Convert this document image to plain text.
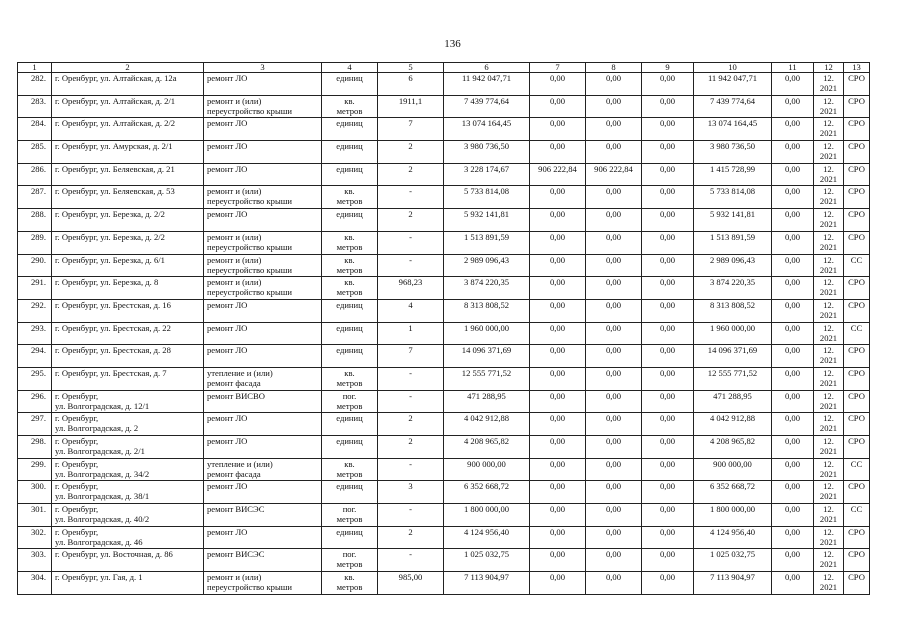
136
1	2	3	4	5	6	7	8	9	10	11	12	13
282.	г. Оренбург, ул. Алтайская, д. 12а	ремонт ЛО	единиц	6	11 942 047,71	0,00	0,00	0,00	11 942 047,71	0,00	12.
2021	СРО
283.	г. Оренбург, ул. Алтайская, д. 2/1	ремонт и (или)
переустройство крыши	кв.
метров	1911,1	7 439 774,64	0,00	0,00	0,00	7 439 774,64	0,00	12.
2021	СРО
284.	г. Оренбург, ул. Алтайская, д. 2/2	ремонт ЛО	единиц	7	13 074 164,45	0,00	0,00	0,00	13 074 164,45	0,00	12.
2021	СРО
285.	г. Оренбург, ул. Амурская, д. 2/1	ремонт ЛО	единиц	2	3 980 736,50	0,00	0,00	0,00	3 980 736,50	0,00	12.
2021	СРО
286.	г. Оренбург, ул. Беляевская, д. 21	ремонт ЛО	единиц	2	3 228 174,67	906 222,84	906 222,84	0,00	1 415 728,99	0,00	12.
2021	СРО
287.	г. Оренбург, ул. Беляевская, д. 53	ремонт и (или)
переустройство крыши	кв.
метров	-	5 733 814,08	0,00	0,00	0,00	5 733 814,08	0,00	12.
2021	СРО
288.	г. Оренбург, ул. Березка, д. 2/2	ремонт ЛО	единиц	2	5 932 141,81	0,00	0,00	0,00	5 932 141,81	0,00	12.
2021	СРО
289.	г. Оренбург, ул. Березка, д. 2/2	ремонт и (или)
переустройство крыши	кв.
метров	-	1 513 891,59	0,00	0,00	0,00	1 513 891,59	0,00	12.
2021	СРО
290.	г. Оренбург, ул. Березка, д. 6/1	ремонт и (или)
переустройство крыши	кв.
метров	-	2 989 096,43	0,00	0,00	0,00	2 989 096,43	0,00	12.
2021	СС
291.	г. Оренбург, ул. Березка, д. 8	ремонт и (или)
переустройство крыши	кв.
метров	968,23	3 874 220,35	0,00	0,00	0,00	3 874 220,35	0,00	12.
2021	СРО
292.	г. Оренбург, ул. Брестская, д. 16	ремонт ЛО	единиц	4	8 313 808,52	0,00	0,00	0,00	8 313 808,52	0,00	12.
2021	СРО
293.	г. Оренбург, ул. Брестская, д. 22	ремонт ЛО	единиц	1	1 960 000,00	0,00	0,00	0,00	1 960 000,00	0,00	12.
2021	СС
294.	г. Оренбург, ул. Брестская, д. 28	ремонт ЛО	единиц	7	14 096 371,69	0,00	0,00	0,00	14 096 371,69	0,00	12.
2021	СРО
295.	г. Оренбург, ул. Брестская, д. 7	утепление и (или)
ремонт фасада	кв.
метров	-	12 555 771,52	0,00	0,00	0,00	12 555 771,52	0,00	12.
2021	СРО
296.	г. Оренбург,
ул. Волгоградская, д. 12/1	ремонт ВИСВО	пог.
метров	-	471 288,95	0,00	0,00	0,00	471 288,95	0,00	12.
2021	СРО
297.	г. Оренбург,
ул. Волгоградская, д. 2	ремонт ЛО	единиц	2	4 042 912,88	0,00	0,00	0,00	4 042 912,88	0,00	12.
2021	СРО
298.	г. Оренбург,
ул. Волгоградская, д. 2/1	ремонт ЛО	единиц	2	4 208 965,82	0,00	0,00	0,00	4 208 965,82	0,00	12.
2021	СРО
299.	г. Оренбург,
ул. Волгоградская, д. 34/2	утепление и (или)
ремонт фасада	кв.
метров	-	900 000,00	0,00	0,00	0,00	900 000,00	0,00	12.
2021	СС
300.	г. Оренбург,
ул. Волгоградская, д. 38/1	ремонт ЛО	единиц	3	6 352 668,72	0,00	0,00	0,00	6 352 668,72	0,00	12.
2021	СРО
301.	г. Оренбург,
ул. Волгоградская, д. 40/2	ремонт ВИСЭС	пог.
метров	-	1 800 000,00	0,00	0,00	0,00	1 800 000,00	0,00	12.
2021	СС
302.	г. Оренбург,
ул. Волгоградская, д. 46	ремонт ЛО	единиц	2	4 124 956,40	0,00	0,00	0,00	4 124 956,40	0,00	12.
2021	СРО
303.	г. Оренбург, ул. Восточная, д. 86	ремонт ВИСЭС	пог.
метров	-	1 025 032,75	0,00	0,00	0,00	1 025 032,75	0,00	12.
2021	СРО
304.	г. Оренбург, ул. Гая, д. 1	ремонт и (или)
переустройство крыши	кв.
метров	985,00	7 113 904,97	0,00	0,00	0,00	7 113 904,97	0,00	12.
2021	СРО
